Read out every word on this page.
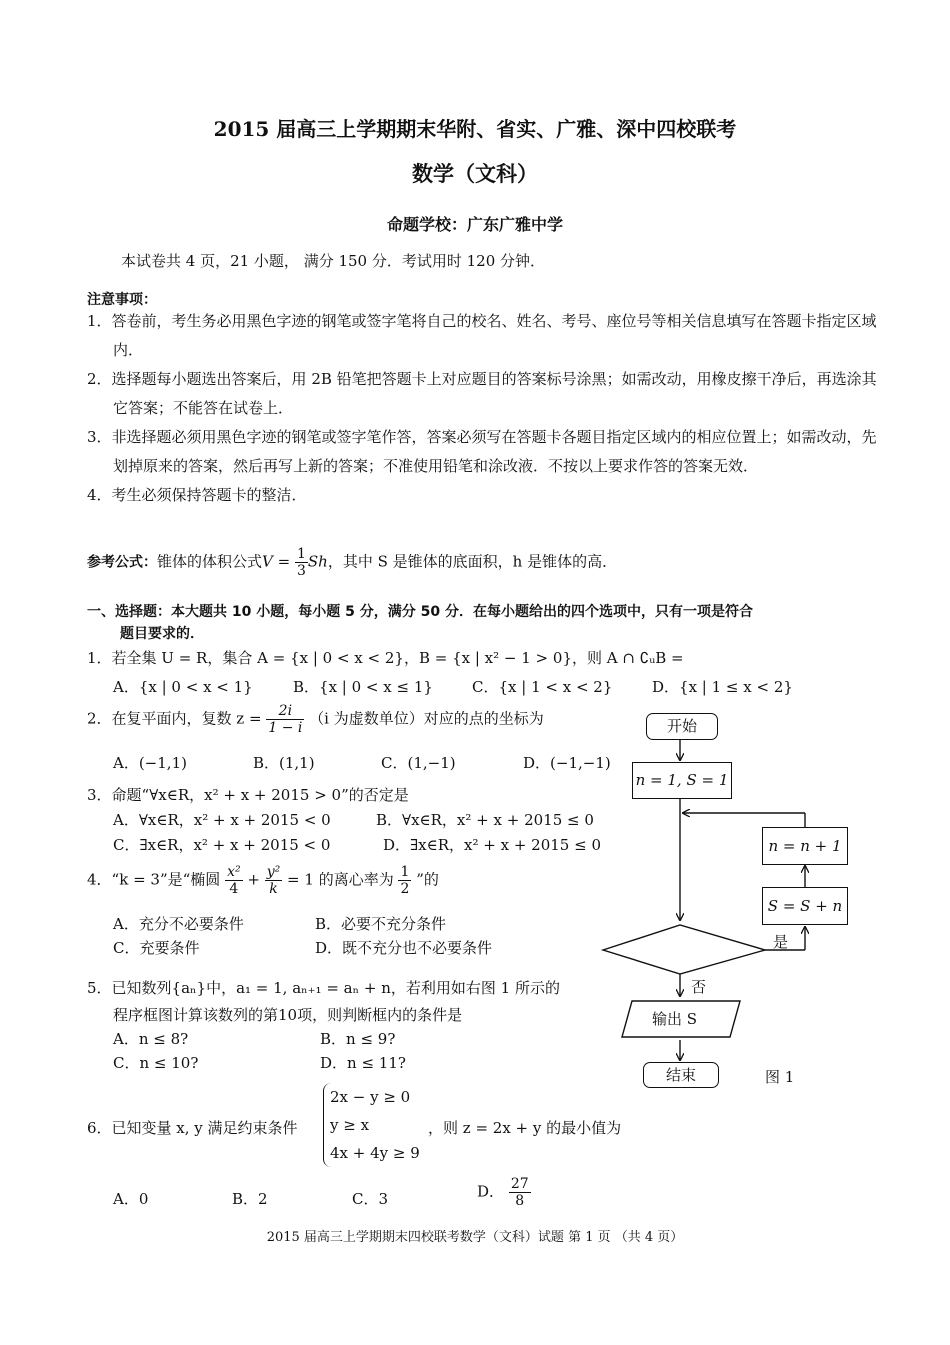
2015 届高三上学期期末华附、省实、广雅、深中四校联考
数学（文科）
命题学校：广东广雅中学
本试卷共 4 页，21 小题， 满分 150 分．考试用时 120 分钟．
注意事项：
1．答卷前，考生务必用黑色字迹的钢笔或签字笔将自己的校名、姓名、考号、座位号等相关信息填写在答题卡指定区域内．
2．选择题每小题选出答案后，用 2B 铅笔把答题卡上对应题目的答案标号涂黑；如需改动，用橡皮擦干净后，再选涂其它答案；不能答在试卷上．
3．非选择题必须用黑色字迹的钢笔或签字笔作答，答案必须写在答题卡各题目指定区域内的相应位置上；如需改动，先划掉原来的答案，然后再写上新的答案；不准使用铅笔和涂改液．不按以上要求作答的答案无效．
4．考生必须保持答题卡的整洁．
参考公式：锥体的体积公式$V = \frac{1}{3}$ Sh，其中 S 是锥体的底面积，h 是锥体的高．
一、选择题：本大题共 10 小题，每小题 5 分，满分 50 分．在每小题给出的四个选项中，只有一项是符合
题目要求的．
1．若全集 U = R，集合 A = {x | 0 < x < 2}，B = {x | x² − 1 > 0}，则 A ∩ ∁ᵤB =
A．{x | 0 < x < 1}	B．{x | 0 < x ≤ 1}	C．{x | 1 < x < 2}	D．{x | 1 ≤ x < 2}
2．在复平面内，复数 $z = \frac{2i}{1 - i} (i$ 为虚数单位）对应的点的坐标为
A．(−1,1)	B．(1,1)	C．(1,−1)	D．(−1,−1)
3．命题“∀x∈R，x² + x + 2015 > 0”的否定是
A．∀x∈R，x² + x + 2015 < 0	B．∀x∈R，x² + x + 2015 ≤ 0
C．∃x∈R，x² + x + 2015 < 0	D．∃x∈R，x² + x + 2015 ≤ 0
4．“k = 3”是“椭圆 $\frac{\text{x²}}{4} + \frac{\text{y²}}{k} = 1$ 的离心率为 $\frac{1}{2}$ ”的
A．充分不必要条件	B．必要不充分条件
C．充要条件	D．既不充分也不必要条件
5．已知数列{aₙ}中，a₁ = 1, aₙ₊₁ = aₙ + n，若利用如右图 1 所示的
程序框图计算该数列的第10项，则判断框内的条件是
A．n ≤ 8?	B．n ≤ 9?
C．n ≤ 10?	D．n ≤ 11?
6．已知变量 x, y 满足约束条件
2x − y ≥ 0
y ≥ x
4x + 4y ≥ 9
，则 z = 2x + y 的最小值为
A．0	B．2	C．3	D． $\frac{27}{8}$
开始
n = 1, S = 1
n = n + 1
S = S + n
是
否
输出 S
结束	图 1
2015 届高三上学期期末四校联考数学（文科）试题 第 1 页 （共 4 页）
